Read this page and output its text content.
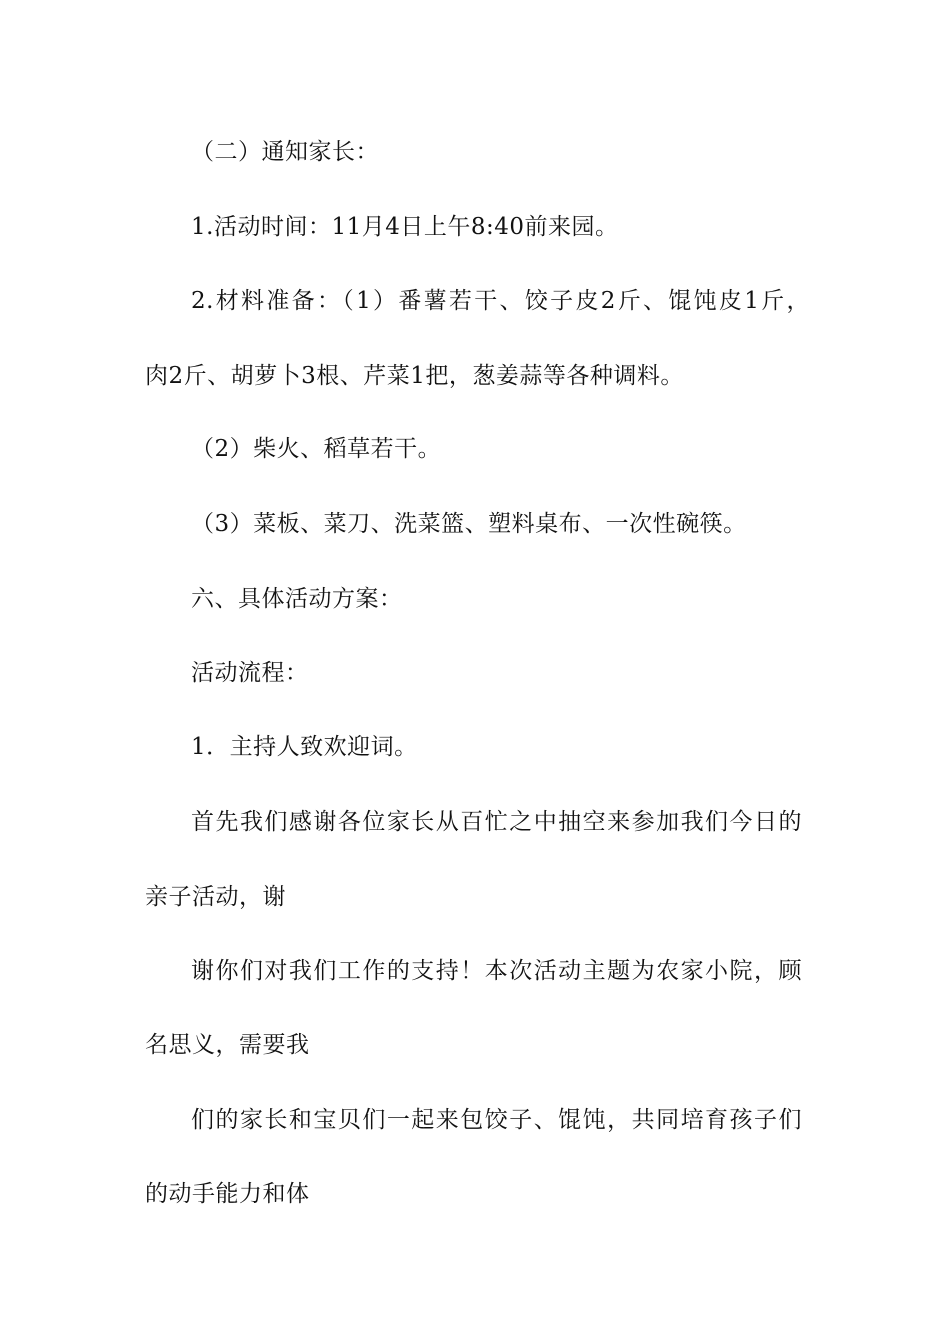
（二）通知家长：
1.活动时间：11月4日上午8:40前来园。
2.材料准备：（1）番薯若干、饺子皮2斤、馄饨皮1斤，
肉2斤、胡萝卜3根、芹菜1把，葱姜蒜等各种调料。
（2）柴火、稻草若干。
（3）菜板、菜刀、洗菜篮、塑料桌布、一次性碗筷。
六、具体活动方案：
活动流程：
1．主持人致欢迎词。
首先我们感谢各位家长从百忙之中抽空来参加我们今日的
亲子活动，谢
谢你们对我们工作的支持！本次活动主题为农家小院，顾
名思义，需要我
们的家长和宝贝们一起来包饺子、馄饨，共同培育孩子们
的动手能力和体
